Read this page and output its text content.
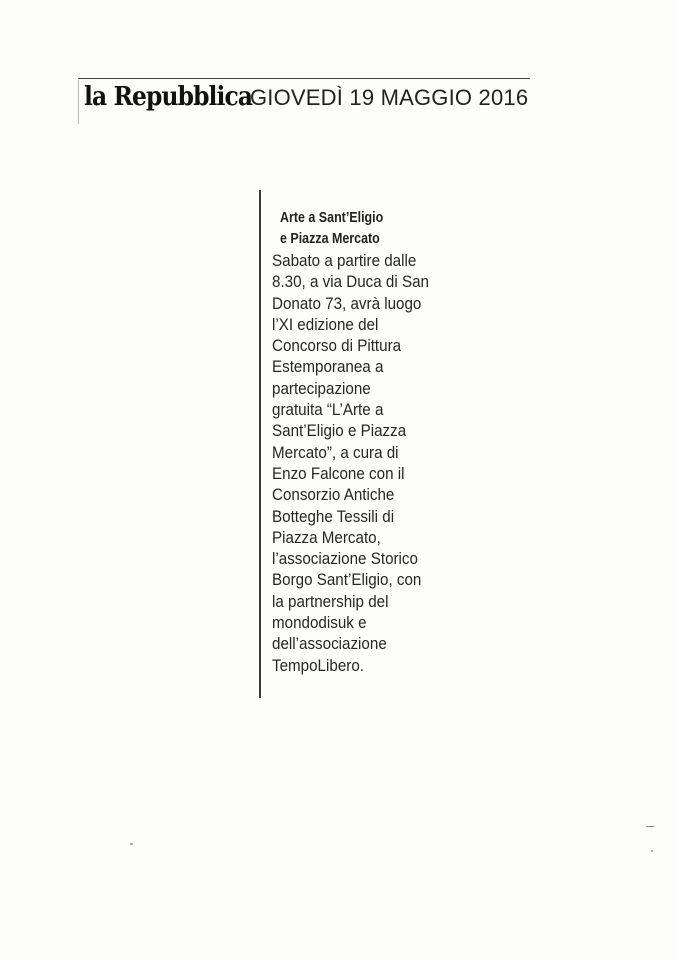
la Repubblica
GIOVEDÌ 19 MAGGIO 2016
Arte a Sant’Eligio
e Piazza Mercato
Sabato a partire dalle
8.30, a via Duca di San
Donato 73, avrà luogo
l’XI edizione del
Concorso di Pittura
Estemporanea a
partecipazione
gratuita “L’Arte a
Sant’Eligio e Piazza
Mercato”, a cura di
Enzo Falcone con il
Consorzio Antiche
Botteghe Tessili di
Piazza Mercato,
l’associazione Storico
Borgo Sant’Eligio, con
la partnership del
mondodisuk e
dell’associazione
TempoLibero.
